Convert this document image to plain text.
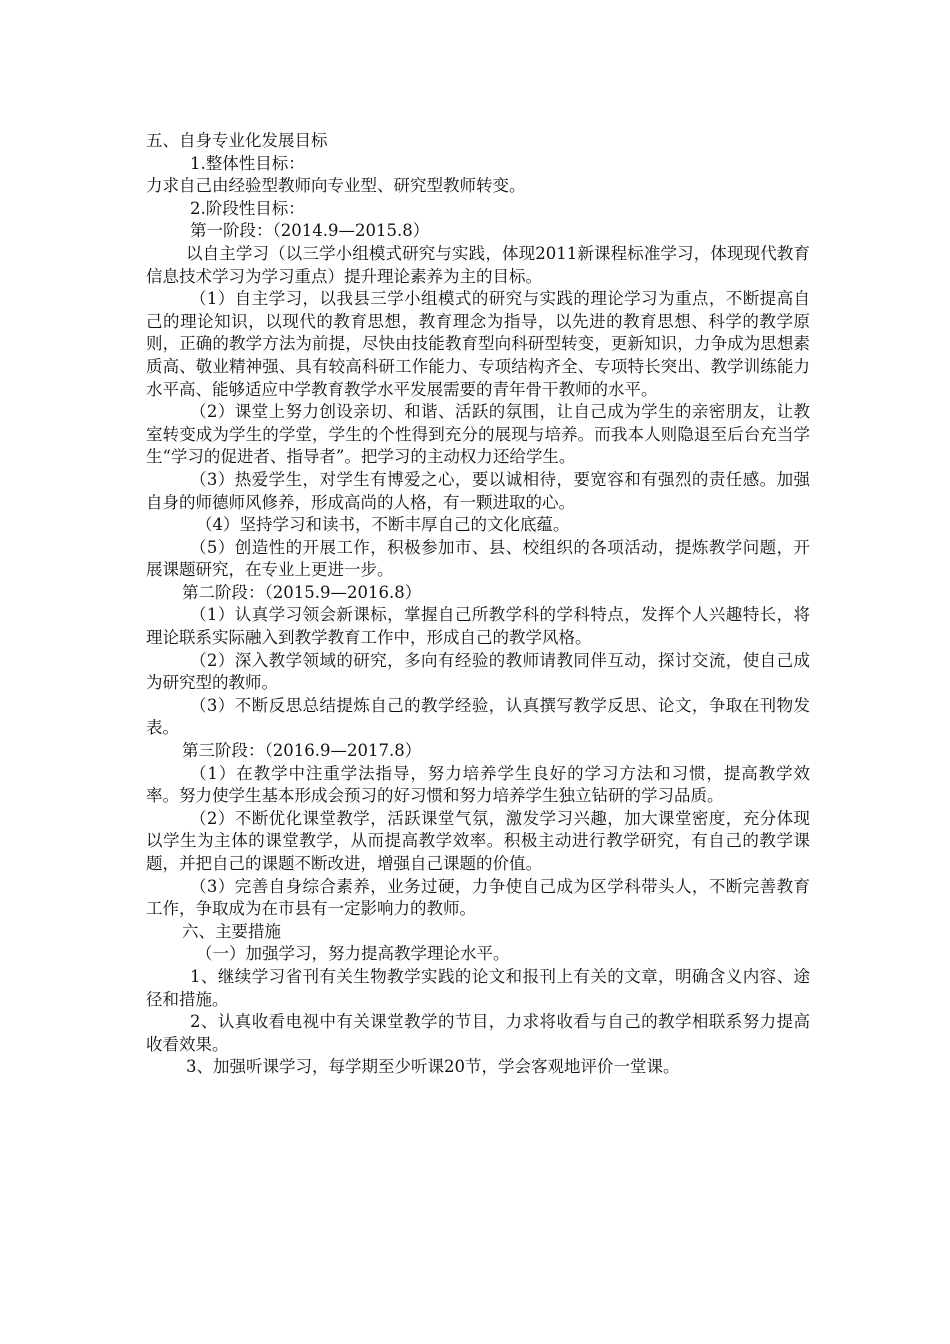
五、自身专业化发展目标

1.整体性目标：

力求自己由经验型教师向专业型、研究型教师转变。

2.阶段性目标：

第一阶段：（2014.9—2015.8）

以自主学习（以三学小组模式研究与实践，体现2011新课程标准学习，体现现代教育信息技术学习为学习重点）提升理论素养为主的目标。

（1）自主学习，以我县三学小组模式的研究与实践的理论学习为重点，不断提高自己的理论知识，以现代的教育思想，教育理念为指导，以先进的教育思想、科学的教学原则，正确的教学方法为前提，尽快由技能教育型向科研型转变，更新知识，力争成为思想素质高、敬业精神强、具有较高科研工作能力、专项结构齐全、专项特长突出、教学训练能力水平高、能够适应中学教育教学水平发展需要的青年骨干教师的水平。

（2）课堂上努力创设亲切、和谐、活跃的氛围，让自己成为学生的亲密朋友，让教室转变成为学生的学堂，学生的个性得到充分的展现与培养。而我本人则隐退至后台充当学生“学习的促进者、指导者”。把学习的主动权力还给学生。

（3）热爱学生，对学生有博爱之心，要以诚相待，要宽容和有强烈的责任感。加强自身的师德师风修养，形成高尚的人格，有一颗进取的心。

（4）坚持学习和读书，不断丰厚自己的文化底蕴。

（5）创造性的开展工作，积极参加市、县、校组织的各项活动，提炼教学问题，开展课题研究，在专业上更进一步。

第二阶段：（2015.9—2016.8）

（1）认真学习领会新课标，掌握自己所教学科的学科特点，发挥个人兴趣特长，将理论联系实际融入到教学教育工作中，形成自己的教学风格。

（2）深入教学领域的研究，多向有经验的教师请教同伴互动，探讨交流，使自己成为研究型的教师。

（3）不断反思总结提炼自己的教学经验，认真撰写教学反思、论文，争取在刊物发表。

第三阶段：（2016.9—2017.8）

（1）在教学中注重学法指导，努力培养学生良好的学习方法和习惯，提高教学效率。努力使学生基本形成会预习的好习惯和努力培养学生独立钻研的学习品质。

（2）不断优化课堂教学，活跃课堂气氛，激发学习兴趣，加大课堂密度，充分体现以学生为主体的课堂教学，从而提高教学效率。积极主动进行教学研究，有自己的教学课题，并把自己的课题不断改进，增强自己课题的价值。

（3）完善自身综合素养，业务过硬，力争使自己成为区学科带头人，不断完善教育工作，争取成为在市县有一定影响力的教师。

六、主要措施

（一）加强学习，努力提高教学理论水平。

1、继续学习省刊有关生物教学实践的论文和报刊上有关的文章，明确含义内容、途径和措施。

2、认真收看电视中有关课堂教学的节目，力求将收看与自己的教学相联系努力提高收看效果。

3、加强听课学习，每学期至少听课20节，学会客观地评价一堂课。
